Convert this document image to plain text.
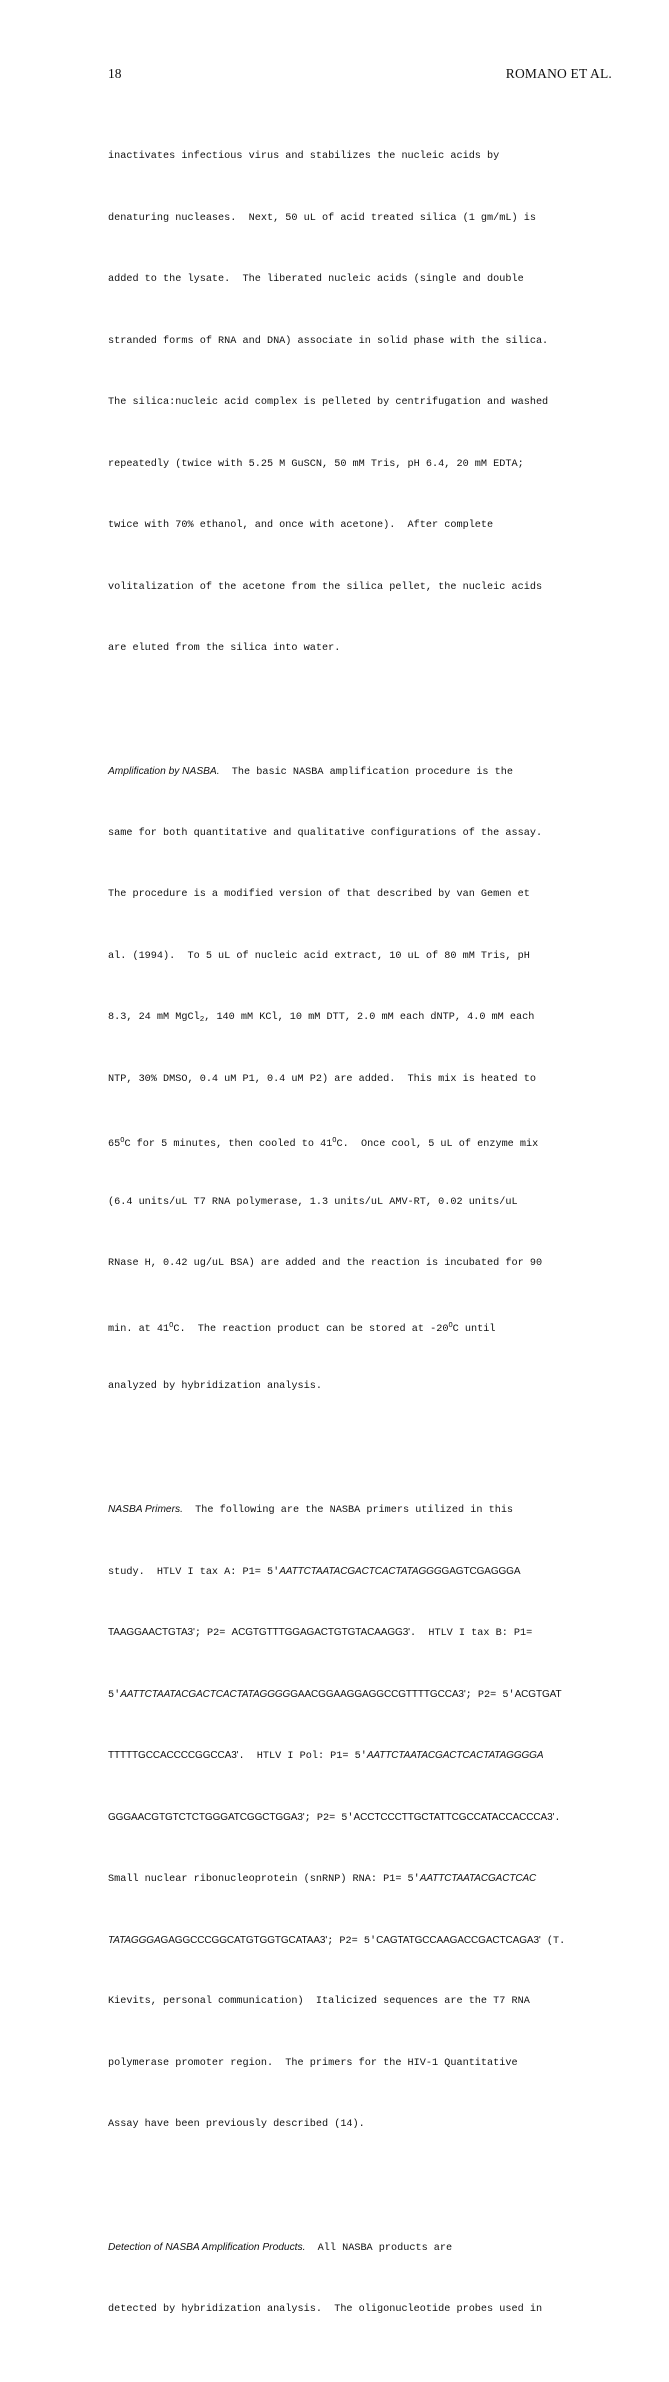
18	ROMANO ET AL.

inactivates infectious virus and stabilizes the nucleic acids by

denaturing nucleases.  Next, 50 uL of acid treated silica (1 gm/mL) is

added to the lysate.  The liberated nucleic acids (single and double

stranded forms of RNA and DNA) associate in solid phase with the silica.

The silica:nucleic acid complex is pelleted by centrifugation and washed

repeatedly (twice with 5.25 M GuSCN, 50 mM Tris, pH 6.4, 20 mM EDTA;

twice with 70% ethanol, and once with acetone).  After complete

volitalization of the acetone from the silica pellet, the nucleic acids

are eluted from the silica into water.

Amplification by NASBA.  The basic NASBA amplification procedure is the

same for both quantitative and qualitative configurations of the assay.

The procedure is a modified version of that described by van Gemen et

al. (1994).  To 5 uL of nucleic acid extract, 10 uL of 80 mM Tris, pH

8.3, 24 mM MgCl$_2$, 140 mM KCl, 10 mM DTT, 2.0 mM each dNTP, 4.0 mM each

NTP, 30% DMSO, 0.4 uM P1, 0.4 uM P2) are added.  This mix is heated to

$65^OC$ for 5 minutes, then cooled to $41^OC$.  Once cool, 5 uL of enzyme mix

(6.4 units/uL T7 RNA polymerase, 1.3 units/uL AMV-RT, 0.02 units/uL

RNase H, 0.42 ug/uL BSA) are added and the reaction is incubated for 90

min. at $41^OC$.  The reaction product can be stored at $-20^OC$ until

analyzed by hybridization analysis.

NASBA Primers.  The following are the NASBA primers utilized in this

study.  HTLV I tax A: P1= 5'AATTCTAATACGACTCACTATAGGGGAGTCGAGGGA

TAAGGAACTGTA3'; P2= ACGTGTTTGGAGACTGTGTACAAGG3'.  HTLV I tax B: P1=

5'AATTCTAATACGACTCACTATAGGGGGAACGGAAGGAGGCCGTTTTGCCA3'; P2= 5'ACGTGAT

TTTTTGCCACCCCGGCCA3'.  HTLV I Pol: P1= 5'AATTCTAATACGACTCACTATAGGGGA

GGGAACGTGTCTCTGGGATCGGCTGGA3'; P2= 5'ACCTCCCTTGCTATTCGCCATACCACCCA3'.

Small nuclear ribonucleoprotein (snRNP) RNA: P1= 5'AATTCTAATACGACTCAC

TATAGGGAGAGGCCCGGCATGTGGTGCATAA3'; P2= 5'CAGTATGCCAAGACCGACTCAGA3' (T.

Kievits, personal communication)  Italicized sequences are the T7 RNA

polymerase promoter region.  The primers for the HIV-1 Quantitative

Assay have been previously described (14).

Detection of NASBA Amplification Products.  All NASBA products are

detected by hybridization analysis.  The oligonucleotide probes used in
